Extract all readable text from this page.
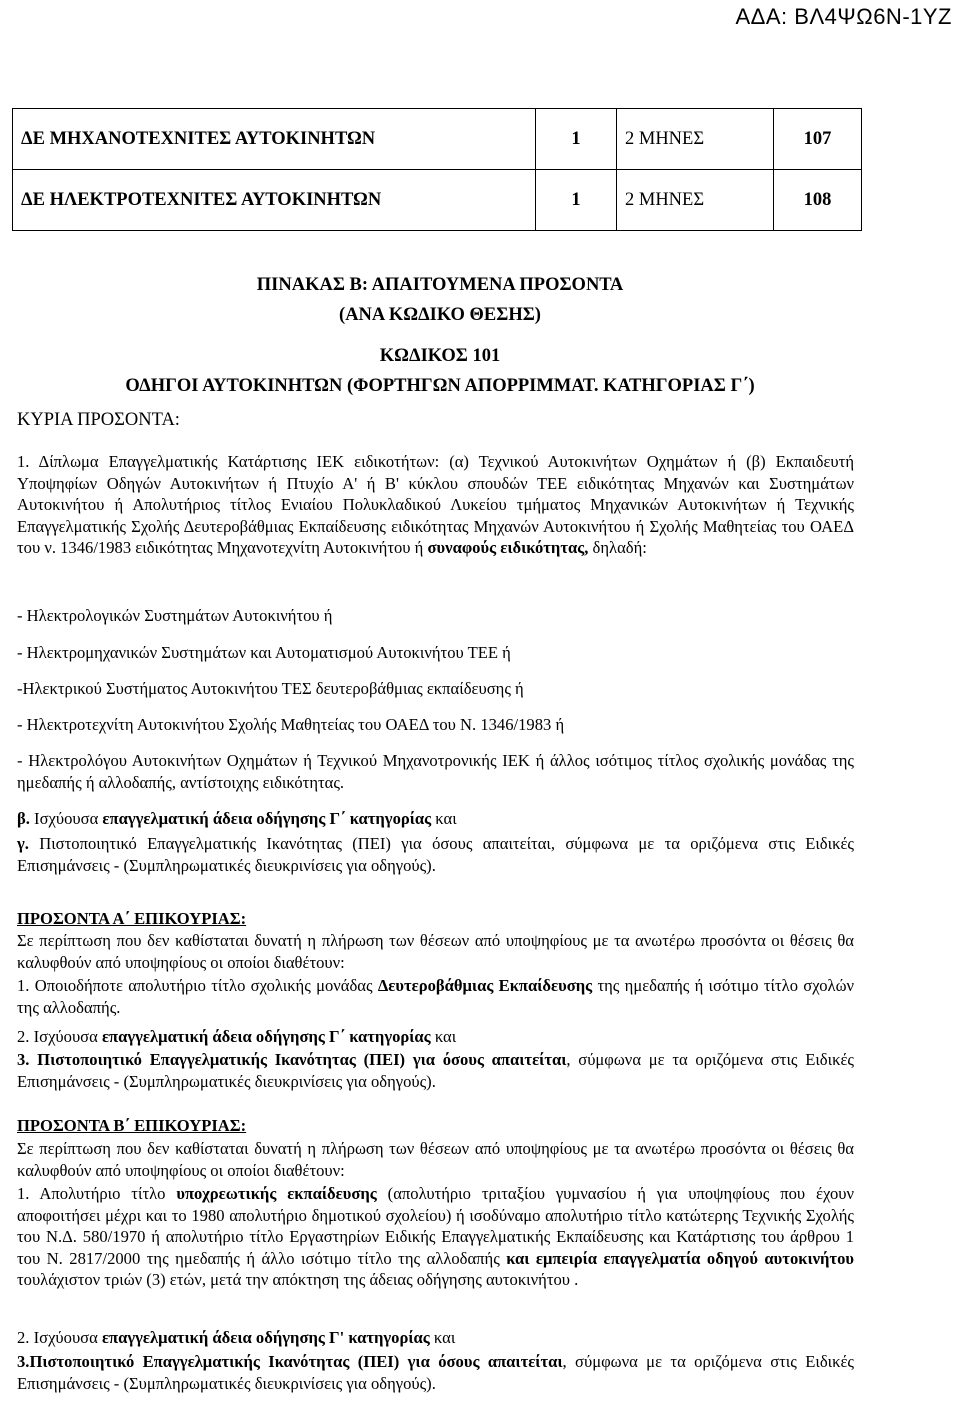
ΑΔΑ: ΒΛ4ΨΩ6Ν-1ΥΖ
ΔΕ ΜΗΧΑΝΟΤΕΧΝΙΤΕΣ ΑΥΤΟΚΙΝΗΤΩΝ	1	2 ΜΗΝΕΣ	107
ΔΕ ΗΛΕΚΤΡΟΤΕΧΝΙΤΕΣ ΑΥΤΟΚΙΝΗΤΩΝ	1	2 ΜΗΝΕΣ	108
ΠΙΝΑΚΑΣ Β: ΑΠΑΙΤΟΥΜΕΝΑ ΠΡΟΣΟΝΤΑ
(ΑΝΑ ΚΩΔΙΚΟ ΘΕΣΗΣ)
ΚΩΔΙΚΟΣ 101
ΟΔΗΓΟΙ ΑΥΤΟΚΙΝΗΤΩΝ (ΦΟΡΤΗΓΩΝ ΑΠΟΡΡΙΜΜΑΤ. ΚΑΤΗΓΟΡΙΑΣ Γ΄)
ΚΥΡΙΑ ΠΡΟΣΟΝΤΑ:
1. Δίπλωμα Επαγγελματικής Κατάρτισης ΙΕΚ ειδικοτήτων: (α) Τεχνικού Αυτοκινήτων Οχημάτων ή (β) Εκπαιδευτή Υποψηφίων Οδηγών Αυτοκινήτων ή Πτυχίο Α' ή Β' κύκλου σπουδών ΤΕΕ ειδικότητας Μηχανών και Συστημάτων Αυτοκινήτου ή Απολυτήριος τίτλος Ενιαίου Πολυκλαδικού Λυκείου τμήματος Μηχανικών Αυτοκινήτων ή Τεχνικής Επαγγελματικής Σχολής Δευτεροβάθμιας Εκπαίδευσης ειδικότητας Μηχανών Αυτοκινήτου ή Σχολής Μαθητείας του ΟΑΕΔ του ν. 1346/1983 ειδικότητας Μηχανοτεχνίτη Αυτοκινήτου ή συναφούς ειδικότητας, δηλαδή:
- Ηλεκτρολογικών Συστημάτων Αυτοκινήτου ή
- Ηλεκτρομηχανικών Συστημάτων και Αυτοματισμού Αυτοκινήτου ΤΕΕ ή
-Ηλεκτρικού Συστήματος Αυτοκινήτου ΤΕΣ δευτεροβάθμιας εκπαίδευσης ή
- Ηλεκτροτεχνίτη Αυτοκινήτου Σχολής Μαθητείας του ΟΑΕΔ του Ν. 1346/1983 ή
- Ηλεκτρολόγου Αυτοκινήτων Οχημάτων ή Τεχνικού Μηχανοτρονικής ΙΕΚ ή άλλος ισότιμος τίτλος σχολικής μονάδας της ημεδαπής ή αλλοδαπής, αντίστοιχης ειδικότητας.
β. Ισχύουσα επαγγελματική άδεια οδήγησης Γ΄ κατηγορίας και
γ. Πιστοποιητικό Επαγγελματικής Ικανότητας (ΠΕΙ) για όσους απαιτείται, σύμφωνα με τα οριζόμενα στις Ειδικές Επισημάνσεις - (Συμπληρωματικές διευκρινίσεις για οδηγούς).
ΠΡΟΣΟΝΤΑ Α΄ ΕΠΙΚΟΥΡΙΑΣ:
Σε περίπτωση που δεν καθίσταται δυνατή η πλήρωση των θέσεων από υποψηφίους με τα ανωτέρω προσόντα οι θέσεις θα καλυφθούν από υποψηφίους οι οποίοι διαθέτουν:
1. Οποιοδήποτε απολυτήριο τίτλο σχολικής μονάδας Δευτεροβάθμιας Εκπαίδευσης της ημεδαπής ή ισότιμο τίτλο σχολών της αλλοδαπής.
2. Ισχύουσα επαγγελματική άδεια οδήγησης Γ΄ κατηγορίας και
3. Πιστοποιητικό Επαγγελματικής Ικανότητας (ΠΕΙ) για όσους απαιτείται, σύμφωνα με τα οριζόμενα στις Ειδικές Επισημάνσεις - (Συμπληρωματικές διευκρινίσεις για οδηγούς).
ΠΡΟΣΟΝΤΑ Β΄ ΕΠΙΚΟΥΡΙΑΣ:
Σε περίπτωση που δεν καθίσταται δυνατή η πλήρωση των θέσεων από υποψηφίους με τα ανωτέρω προσόντα οι θέσεις θα καλυφθούν από υποψηφίους οι οποίοι διαθέτουν:
1. Απολυτήριο τίτλο υποχρεωτικής εκπαίδευσης (απολυτήριο τριταξίου γυμνασίου ή για υποψηφίους που έχουν αποφοιτήσει μέχρι και το 1980 απολυτήριο δημοτικού σχολείου) ή ισοδύναμο απολυτήριο τίτλο κατώτερης Τεχνικής Σχολής του Ν.Δ. 580/1970 ή απολυτήριο τίτλο Εργαστηρίων Ειδικής Επαγγελματικής Εκπαίδευσης και Κατάρτισης του άρθρου 1 του Ν. 2817/2000 της ημεδαπής ή άλλο ισότιμο τίτλο της αλλοδαπής και εμπειρία επαγγελματία οδηγού αυτοκινήτου τουλάχιστον τριών (3) ετών, μετά την απόκτηση της άδειας οδήγησης αυτοκινήτου .
2. Ισχύουσα επαγγελματική άδεια οδήγησης Γ' κατηγορίας και
3.Πιστοποιητικό Επαγγελματικής Ικανότητας (ΠΕΙ) για όσους απαιτείται, σύμφωνα με τα οριζόμενα στις Ειδικές Επισημάνσεις - (Συμπληρωματικές διευκρινίσεις για οδηγούς).
